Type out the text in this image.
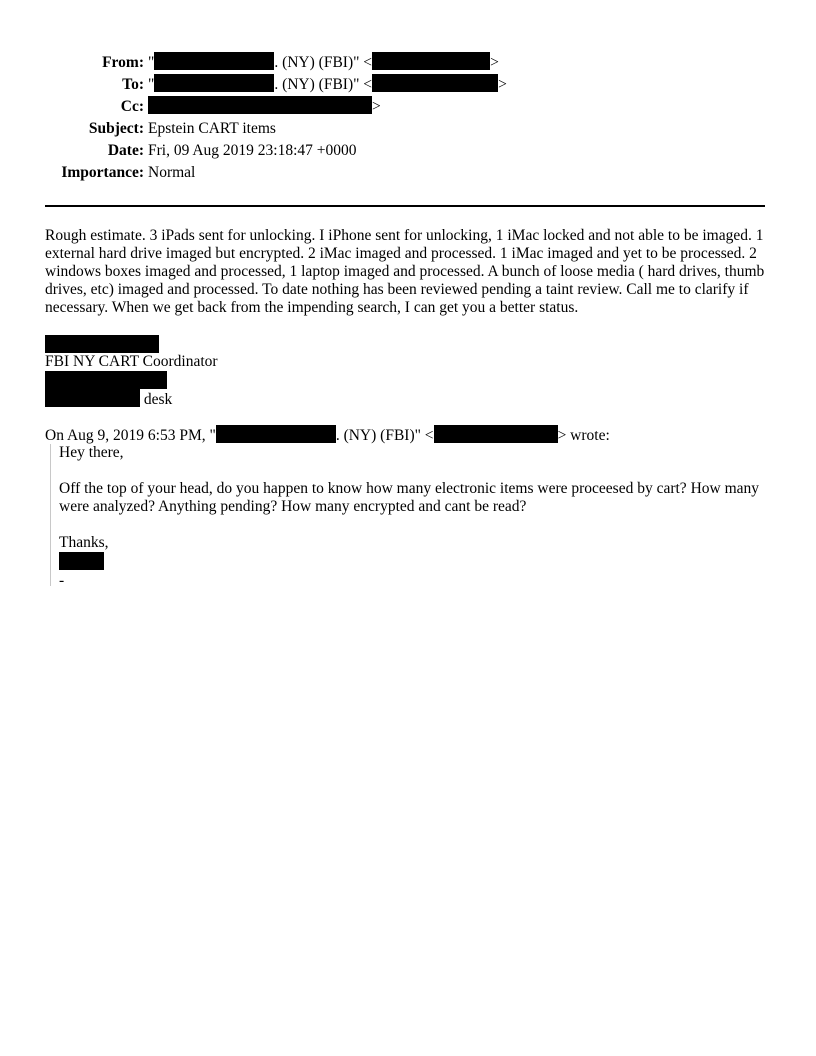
From: "	. (NY) (FBI)" <	>
To: "	. (NY) (FBI)" <	>
Cc:	>
Subject: Epstein CART items
Date: Fri, 09 Aug 2019 23:18:47 +0000
Importance: Normal
Rough estimate. 3 iPads sent for unlocking. I iPhone sent for unlocking, 1 iMac locked and not able to be imaged. 1 external hard drive imaged but encrypted. 2 iMac imaged and processed. 1 iMac imaged and yet to be processed. 2 windows boxes imaged and processed, 1 laptop imaged and processed. A bunch of loose media ( hard drives, thumb drives, etc) imaged and processed. To date nothing has been reviewed pending a taint review. Call me to clarify if necessary. When we get back from the impending search, I can get you a better status.
FBI NY CART Coordinator
desk
On Aug 9, 2019 6:53 PM, "	. (NY) (FBI)" <	> wrote:

Hey there,

Off the top of your head, do you happen to know how many electronic items were proceesed by cart? How many were analyzed? Anything pending? How many encrypted and cant be read?

Thanks,

-
